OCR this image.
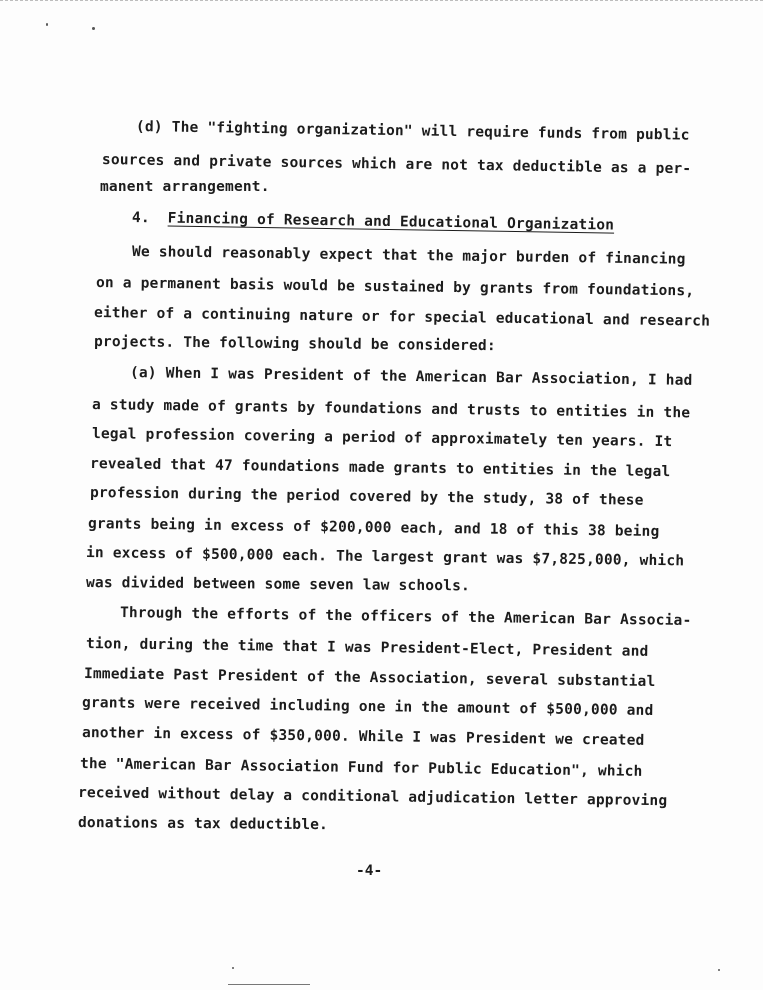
(d) The "fighting organization" will require funds from public
sources and private sources which are not tax deductible as a per-
manent arrangement.
4. Financing of Research and Educational Organization
We should reasonably expect that the major burden of financing
on a permanent basis would be sustained by grants from foundations,
either of a continuing nature or for special educational and research
projects. The following should be considered:
(a) When I was President of the American Bar Association, I had
a study made of grants by foundations and trusts to entities in the
legal profession covering a period of approximately ten years. It
revealed that 47 foundations made grants to entities in the legal
profession during the period covered by the study, 38 of these
grants being in excess of $200,000 each, and 18 of this 38 being
in excess of $500,000 each. The largest grant was $7,825,000, which
was divided between some seven law schools.
Through the efforts of the officers of the American Bar Associa-
tion, during the time that I was President-Elect, President and
Immediate Past President of the Association, several substantial
grants were received including one in the amount of $500,000 and
another in excess of $350,000. While I was President we created
the "American Bar Association Fund for Public Education", which
received without delay a conditional adjudication letter approving
donations as tax deductible.
-4-
